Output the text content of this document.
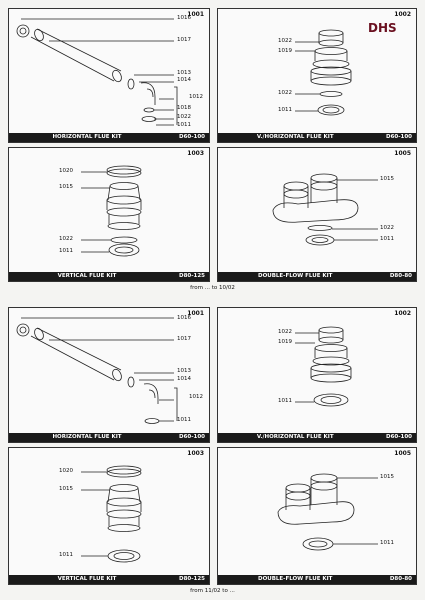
1001
1016
1017
1013
1014
1012
1018
1022
1011
HORIZONTAL FLUE KIT	D60-100
1002
DHS
1022
1019
1022
1011
V./HORIZONTAL FLUE KIT	D60-100
1003
1020
1015
1022
1011
VERTICAL FLUE KIT	D80-125
1005
1015
1022
1011
DOUBLE-FLOW FLUE KIT	D80-80
from ... to 10/02
1001
1016
1017
1013
1014
1012
1011
HORIZONTAL FLUE KIT	D60-100
1002
1022
1019
1011
V./HORIZONTAL FLUE KIT	D60-100
1003
1020
1015
1011
VERTICAL FLUE KIT	D80-125
1005
1015
1011
DOUBLE-FLOW FLUE KIT	D80-80
from 11/02 to ...
